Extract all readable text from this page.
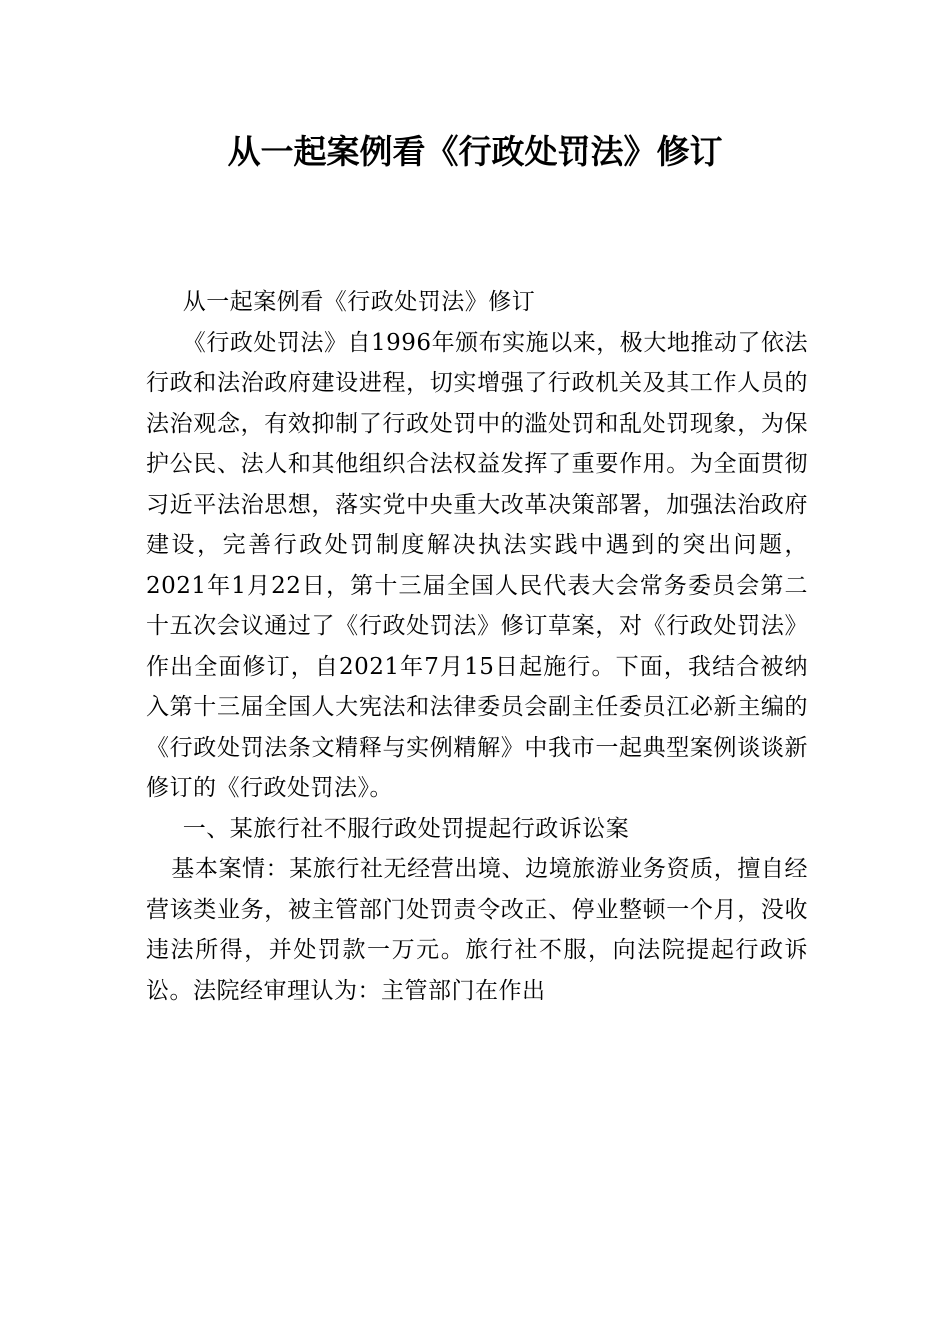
从一起案例看《行政处罚法》修订

从一起案例看《行政处罚法》修订

《行政处罚法》自1996年颁布实施以来，极大地推动了依法行政和法治政府建设进程，切实增强了行政机关及其工作人员的法治观念，有效抑制了行政处罚中的滥处罚和乱处罚现象，为保护公民、法人和其他组织合法权益发挥了重要作用。为全面贯彻习近平法治思想，落实党中央重大改革决策部署，加强法治政府建设，完善行政处罚制度解决执法实践中遇到的突出问题，2021年1月22日，第十三届全国人民代表大会常务委员会第二十五次会议通过了《行政处罚法》修订草案，对《行政处罚法》作出全面修订，自2021年7月15日起施行。下面，我结合被纳入第十三届全国人大宪法和法律委员会副主任委员江必新主编的《行政处罚法条文精释与实例精解》中我市一起典型案例谈谈新修订的《行政处罚法》。

一、某旅行社不服行政处罚提起行政诉讼案

基本案情：某旅行社无经营出境、边境旅游业务资质，擅自经营该类业务，被主管部门处罚责令改正、停业整顿一个月，没收违法所得，并处罚款一万元。旅行社不服，向法院提起行政诉讼。法院经审理认为：主管部门在作出
